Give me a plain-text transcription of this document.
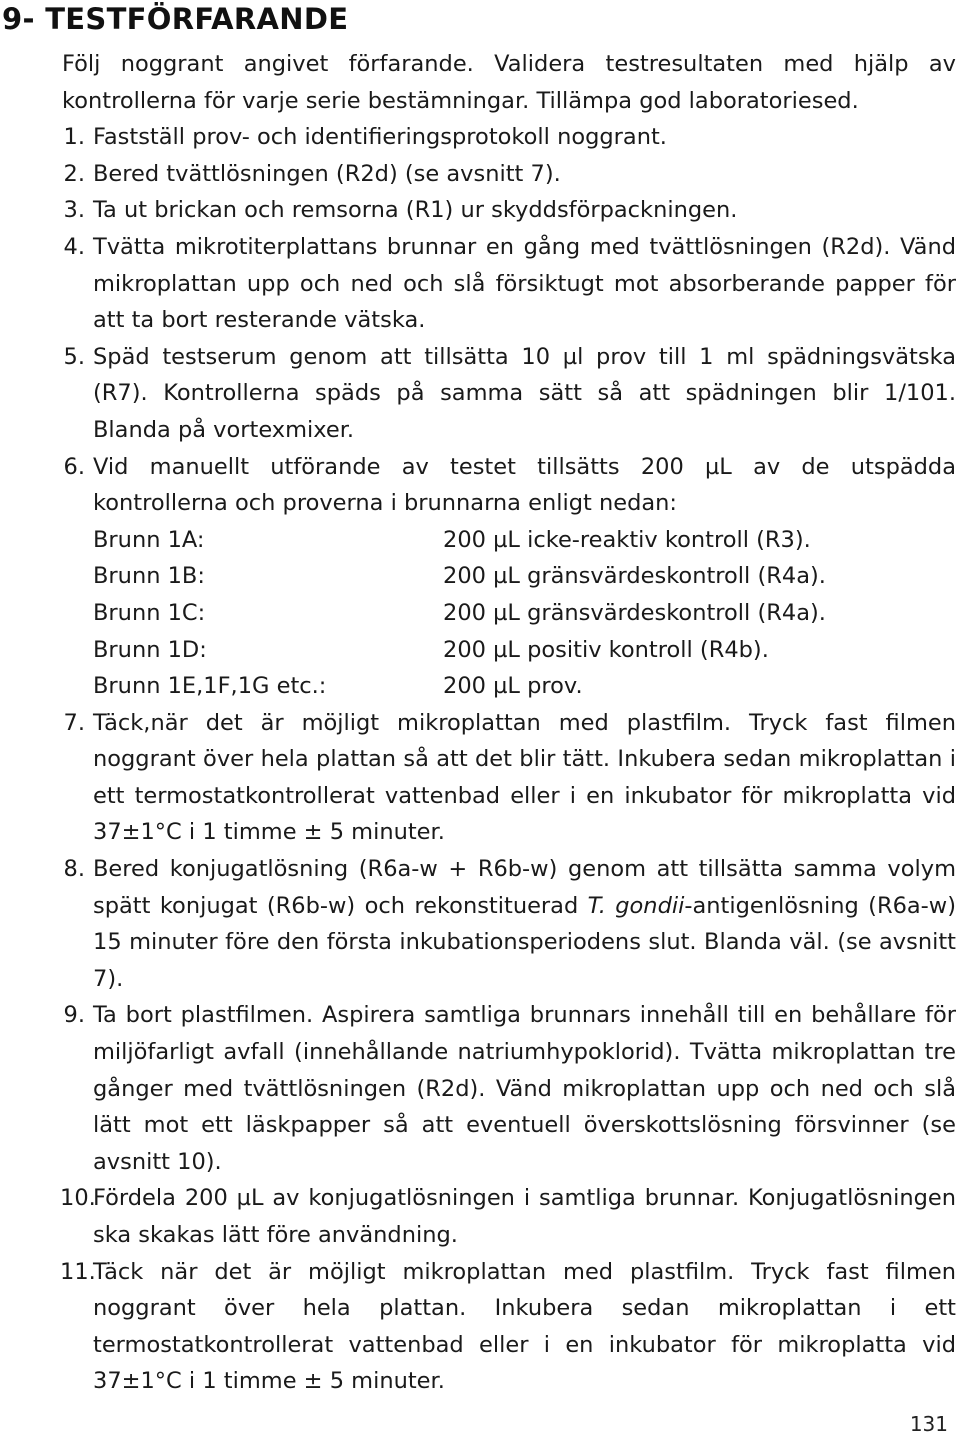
9- TESTFÖRFARANDE

Följ noggrant angivet förfarande. Validera testresultaten med hjälp av kontrollerna för varje serie bestämningar. Tillämpa god laboratoriesed.

1. Fastställ prov- och identifieringsprotokoll noggrant.
2. Bered tvättlösningen (R2d) (se avsnitt 7).
3. Ta ut brickan och remsorna (R1) ur skyddsförpackningen.
4. Tvätta mikrotiterplattans brunnar en gång med tvättlösningen (R2d). Vänd mikroplattan upp och ned och slå försiktugt mot absorberande papper för att ta bort resterande vätska.
5. Späd testserum genom att tillsätta 10 µl prov till 1 ml spädningsvätska (R7). Kontrollerna späds på samma sätt så att spädningen blir 1/101. Blanda på vortexmixer.
6. Vid manuellt utförande av testet tillsätts 200 µL av de utspädda kontrollerna och proverna i brunnarna enligt nedan:
Brunn 1A:	200 µL icke-reaktiv kontroll (R3).
Brunn 1B:	200 µL gränsvärdeskontroll (R4a).
Brunn 1C:	200 µL gränsvärdeskontroll (R4a).
Brunn 1D:	200 µL positiv kontroll (R4b).
Brunn 1E,1F,1G etc.:	200 µL prov.
7. Täck,när det är möjligt mikroplattan med plastfilm. Tryck fast filmen noggrant över hela plattan så att det blir tätt. Inkubera sedan mikroplattan i ett termostatkontrollerat vattenbad eller i en inkubator för mikroplatta vid 37±1°C i 1 timme ± 5 minuter.
8. Bered konjugatlösning (R6a-w + R6b-w) genom att tillsätta samma volym spätt konjugat (R6b-w) och rekonstituerad T. gondii-antigenlösning (R6a-w) 15 minuter före den första inkubationsperiodens slut. Blanda väl. (se avsnitt 7).
9. Ta bort plastfilmen. Aspirera samtliga brunnars innehåll till en behållare för miljöfarligt avfall (innehållande natriumhypoklorid). Tvätta mikroplattan tre gånger med tvättlösningen (R2d). Vänd mikroplattan upp och ned och slå lätt mot ett läskpapper så att eventuell överskottslösning försvinner (se avsnitt 10).
10.
Fördela 200 µL av konjugatlösningen i samtliga brunnar. Konjugatlösningen ska skakas lätt före användning.
11.
Täck när det är möjligt mikroplattan med plastfilm. Tryck fast filmen noggrant över hela plattan. Inkubera sedan mikroplattan i ett termostatkontrollerat vattenbad eller i en inkubator för mikroplatta vid 37±1°C i 1 timme ± 5 minuter.
131
